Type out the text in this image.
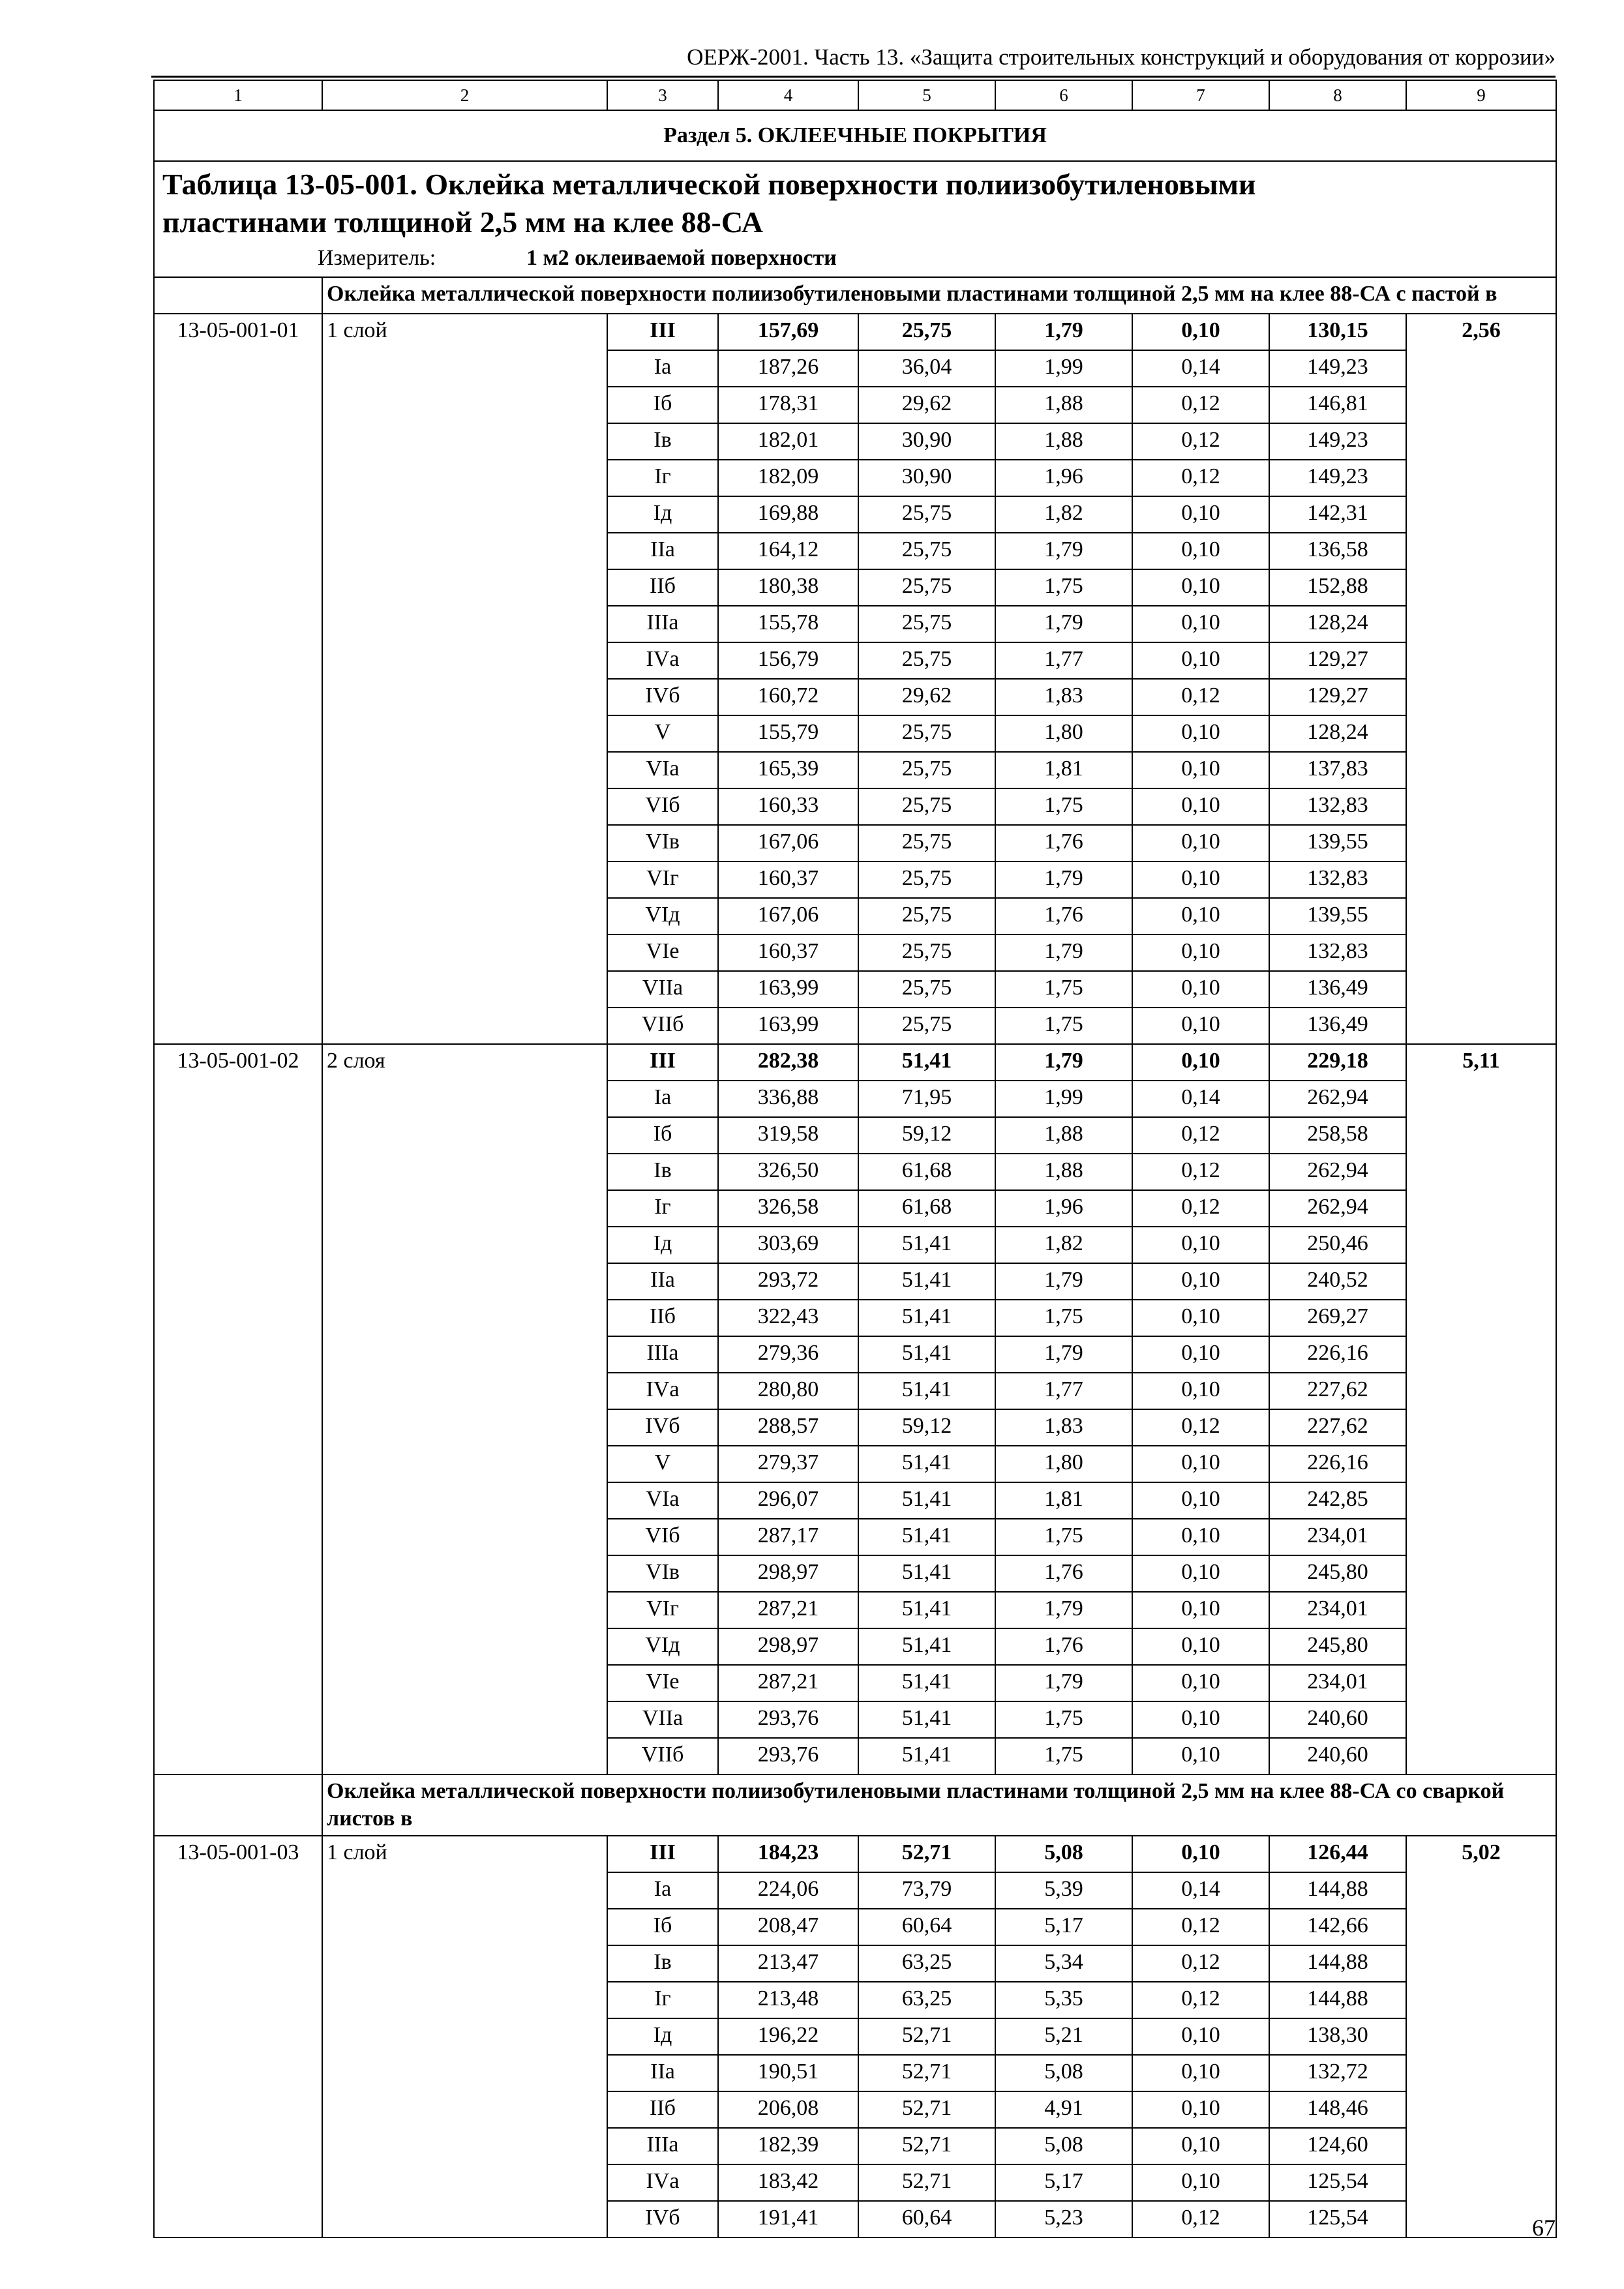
ОЕРЖ-2001. Часть 13. «Защита строительных конструкций и оборудования от коррозии»
1	2	3	4	5	6	7	8	9
Раздел 5. ОКЛЕЕЧНЫЕ ПОКРЫТИЯ								

Таблица 13-05-001. Оклейка металлической поверхности полиизобутиленовыми
пластинами толщиной 2,5 мм на клее 88-СА
Измеритель: 1 м2 оклеиваемой поверхности								

	Оклейка металлической поверхности полиизобутиленовыми пластинами толщиной 2,5 мм на клее 88-СА с пастой в							
13-05-001-01	1 слой	III	157,69	25,75	1,79	0,10	130,15	2,56
		Iа	187,26	36,04	1,99	0,14	149,23	
		Iб	178,31	29,62	1,88	0,12	146,81	
		Iв	182,01	30,90	1,88	0,12	149,23	
		Iг	182,09	30,90	1,96	0,12	149,23	
		Iд	169,88	25,75	1,82	0,10	142,31	
		IIа	164,12	25,75	1,79	0,10	136,58	
		IIб	180,38	25,75	1,75	0,10	152,88	
		IIIа	155,78	25,75	1,79	0,10	128,24	
		IVа	156,79	25,75	1,77	0,10	129,27	
		IVб	160,72	29,62	1,83	0,12	129,27	
		V	155,79	25,75	1,80	0,10	128,24	
		VIа	165,39	25,75	1,81	0,10	137,83	
		VIб	160,33	25,75	1,75	0,10	132,83	
		VIв	167,06	25,75	1,76	0,10	139,55	
		VIг	160,37	25,75	1,79	0,10	132,83	
		VIд	167,06	25,75	1,76	0,10	139,55	
		VIе	160,37	25,75	1,79	0,10	132,83	
		VIIа	163,99	25,75	1,75	0,10	136,49	
		VIIб	163,99	25,75	1,75	0,10	136,49	
13-05-001-02	2 слоя	III	282,38	51,41	1,79	0,10	229,18	5,11
		Iа	336,88	71,95	1,99	0,14	262,94	
		Iб	319,58	59,12	1,88	0,12	258,58	
		Iв	326,50	61,68	1,88	0,12	262,94	
		Iг	326,58	61,68	1,96	0,12	262,94	
		Iд	303,69	51,41	1,82	0,10	250,46	
		IIа	293,72	51,41	1,79	0,10	240,52	
		IIб	322,43	51,41	1,75	0,10	269,27	
		IIIа	279,36	51,41	1,79	0,10	226,16	
		IVа	280,80	51,41	1,77	0,10	227,62	
		IVб	288,57	59,12	1,83	0,12	227,62	
		V	279,37	51,41	1,80	0,10	226,16	
		VIа	296,07	51,41	1,81	0,10	242,85	
		VIб	287,17	51,41	1,75	0,10	234,01	
		VIв	298,97	51,41	1,76	0,10	245,80	
		VIг	287,21	51,41	1,79	0,10	234,01	
		VIд	298,97	51,41	1,76	0,10	245,80	
		VIе	287,21	51,41	1,79	0,10	234,01	
		VIIа	293,76	51,41	1,75	0,10	240,60	
		VIIб	293,76	51,41	1,75	0,10	240,60	
	Оклейка металлической поверхности полиизобутиленовыми пластинами толщиной 2,5 мм на клее 88-СА со сваркой листов в							
13-05-001-03	1 слой	III	184,23	52,71	5,08	0,10	126,44	5,02
		Iа	224,06	73,79	5,39	0,14	144,88	
		Iб	208,47	60,64	5,17	0,12	142,66	
		Iв	213,47	63,25	5,34	0,12	144,88	
		Iг	213,48	63,25	5,35	0,12	144,88	
		Iд	196,22	52,71	5,21	0,10	138,30	
		IIа	190,51	52,71	5,08	0,10	132,72	
		IIб	206,08	52,71	4,91	0,10	148,46	
		IIIа	182,39	52,71	5,08	0,10	124,60	
		IVа	183,42	52,71	5,17	0,10	125,54	
		IVб	191,41	60,64	5,23	0,12	125,54		67
